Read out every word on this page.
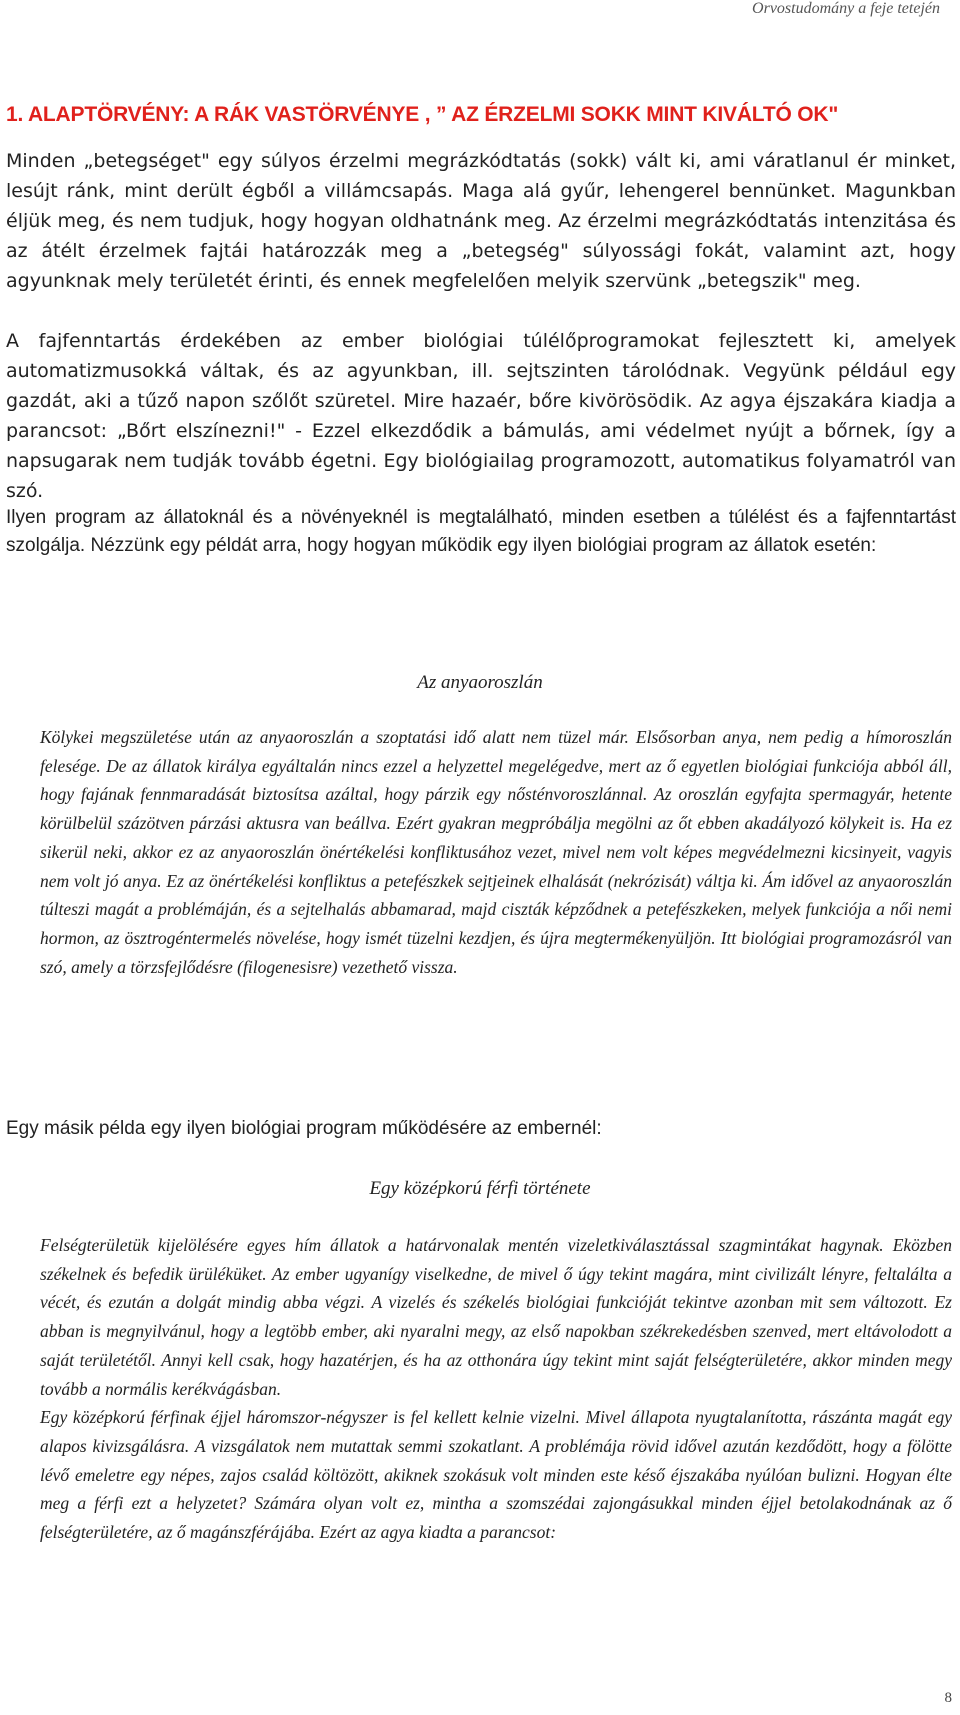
Orvostudomány a feje tetején
1. ALAPTÖRVÉNY: A RÁK VASTÖRVÉNYE , ” AZ ÉRZELMI SOKK MINT KIVÁLTÓ OK"
Minden „betegséget" egy súlyos érzelmi megrázkódtatás (sokk) vált ki, ami váratlanul ér minket, lesújt ránk, mint derült égből a villámcsapás. Maga alá gyűr, lehengerel bennünket. Magunkban éljük meg, és nem tudjuk, hogy hogyan oldhatnánk meg. Az érzelmi megrázkódtatás intenzitása és az átélt érzelmek fajtái határozzák meg a „betegség" súlyossági fokát, valamint azt, hogy agyunknak mely területét érinti, és ennek megfelelően melyik szervünk „betegszik" meg.
A fajfenntartás érdekében az ember biológiai túlélőprogramokat fejlesztett ki, amelyek automatizmusokká váltak, és az agyunkban, ill. sejtszinten tárolódnak. Vegyünk például egy gazdát, aki a tűző napon szőlőt szüretel. Mire hazaér, bőre kivörösödik. Az agya éjszakára kiadja a parancsot: „Bőrt elszínezni!" - Ezzel elkezdődik a bámulás, ami védelmet nyújt a bőrnek, így a napsugarak nem tudják tovább égetni. Egy biológiailag programozott, automatikus folyamatról van szó.
Ilyen program az állatoknál és a növényeknél is megtalálható, minden esetben a túlélést és a fajfenntartást szolgálja. Nézzünk egy példát arra, hogy hogyan működik egy ilyen biológiai program az állatok esetén:
Az anyaoroszlán
Kölykei megszületése után az anyaoroszlán a szoptatási idő alatt nem tüzel már. Elsősorban anya, nem pedig a hímoroszlán felesége. De az állatok királya egyáltalán nincs ezzel a helyzettel megelégedve, mert az ő egyetlen biológiai funkciója abból áll, hogy fajának fennmaradását biztosítsa azáltal, hogy párzik egy nősténvoroszlánnal. Az oroszlán egyfajta spermagyár, hetente körülbelül százötven párzási aktusra van beállva. Ezért gyakran megpróbálja megölni az őt ebben akadályozó kölykeit is. Ha ez sikerül neki, akkor ez az anyaoroszlán önértékelési konfliktusához vezet, mivel nem volt képes megvédelmezni kicsinyeit, vagyis nem volt jó anya. Ez az önértékelési konfliktus a petefészkek sejtjeinek elhalását (nekrózisát) váltja ki. Ám idővel az anyaoroszlán túlteszi magát a problémáján, és a sejtelhalás abbamarad, majd ciszták képződnek a petefészkeken, melyek funkciója a női nemi hormon, az ösztrogéntermelés növelése, hogy ismét tüzelni kezdjen, és újra megtermékenyüljön. Itt biológiai programozásról van szó, amely a törzsfejlődésre (filogenesisre) vezethető vissza.
Egy másik példa egy ilyen biológiai program működésére az embernél:
Egy középkorú férfi története

Felségterületük kijelölésére egyes hím állatok a határvonalak mentén vizeletkiválasztással szagmintákat hagynak. Eközben székelnek és befedik ürüléküket. Az ember ugyanígy viselkedne, de mivel ő úgy tekint magára, mint civilizált lényre, feltalálta a vécét, és ezután a dolgát mindig abba végzi. A vizelés és székelés biológiai funkcióját tekintve azonban mit sem változott. Ez abban is megnyilvánul, hogy a legtöbb ember, aki nyaralni megy, az első napokban székrekedésben szenved, mert eltávolodott a saját területétől. Annyi kell csak, hogy hazatérjen, és ha az otthonára úgy tekint mint saját felségterületére, akkor minden megy tovább a normális kerékvágásban.

Egy középkorú férfinak éjjel háromszor-négyszer is fel kellett kelnie vizelni. Mivel állapota nyugtalanította, rászánta magát egy alapos kivizsgálásra. A vizsgálatok nem mutattak semmi szokatlant. A problémája rövid idővel azután kezdődött, hogy a fölötte lévő emeletre egy népes, zajos család költözött, akiknek szokásuk volt minden este késő éjszakába nyúlóan bulizni. Hogyan élte meg a férfi ezt a helyzetet? Számára olyan volt ez, mintha a szomszédai zajongásukkal minden éjjel betolakodnának az ő felségterületére, az ő magánszférájába. Ezért az agya kiadta a parancsot:

8
